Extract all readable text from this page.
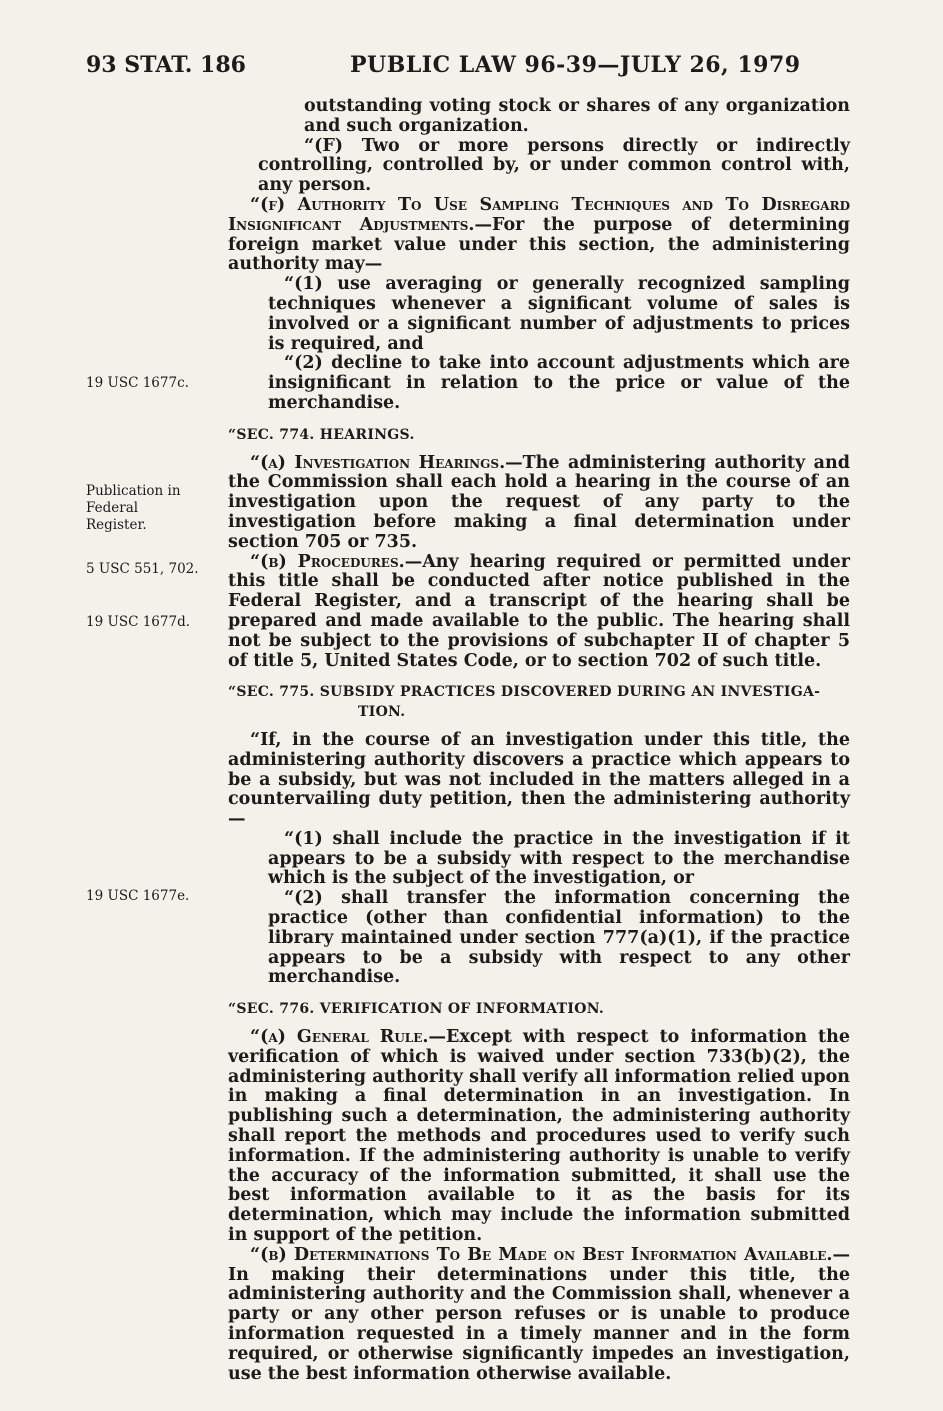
93 STAT. 186	PUBLIC LAW 96-39—JULY 26, 1979
19 USC 1677c.
Publication in Federal Register.
5 USC 551, 702.
19 USC 1677d.
19 USC 1677e.

outstanding voting stock or shares of any organization and such organization.

“(F) Two or more persons directly or indirectly controlling, controlled by, or under common control with, any person.

“(f) Authority To Use Sampling Techniques and To Disregard Insignificant Adjustments.—For the purpose of determining foreign market value under this section, the administering authority may—

“(1) use averaging or generally recognized sampling techniques whenever a significant volume of sales is involved or a significant number of adjustments to prices is required, and

“(2) decline to take into account adjustments which are insignificant in relation to the price or value of the merchandise.

“SEC. 774. HEARINGS.

“(a) Investigation Hearings.—The administering authority and the Commission shall each hold a hearing in the course of an investigation upon the request of any party to the investigation before making a final determination under section 705 or 735.

“(b) Procedures.—Any hearing required or permitted under this title shall be conducted after notice published in the Federal Register, and a transcript of the hearing shall be prepared and made available to the public. The hearing shall not be subject to the provisions of subchapter II of chapter 5 of title 5, United States Code, or to section 702 of such title.

“SEC. 775. SUBSIDY PRACTICES DISCOVERED DURING AN INVESTIGA-

TION.

“If, in the course of an investigation under this title, the administering authority discovers a practice which appears to be a subsidy, but was not included in the matters alleged in a countervailing duty petition, then the administering authority—

“(1) shall include the practice in the investigation if it appears to be a subsidy with respect to the merchandise which is the subject of the investigation, or

“(2) shall transfer the information concerning the practice (other than confidential information) to the library maintained under section 777(a)(1), if the practice appears to be a subsidy with respect to any other merchandise.

“SEC. 776. VERIFICATION OF INFORMATION.

“(a) General Rule.—Except with respect to information the verification of which is waived under section 733(b)(2), the administering authority shall verify all information relied upon in making a final determination in an investigation. In publishing such a determination, the administering authority shall report the methods and procedures used to verify such information. If the administering authority is unable to verify the accuracy of the information submitted, it shall use the best information available to it as the basis for its determination, which may include the information submitted in support of the petition.

“(b) Determinations To Be Made on Best Information Available.—In making their determinations under this title, the administering authority and the Commission shall, whenever a party or any other person refuses or is unable to produce information requested in a timely manner and in the form required, or otherwise significantly impedes an investigation, use the best information otherwise available.
